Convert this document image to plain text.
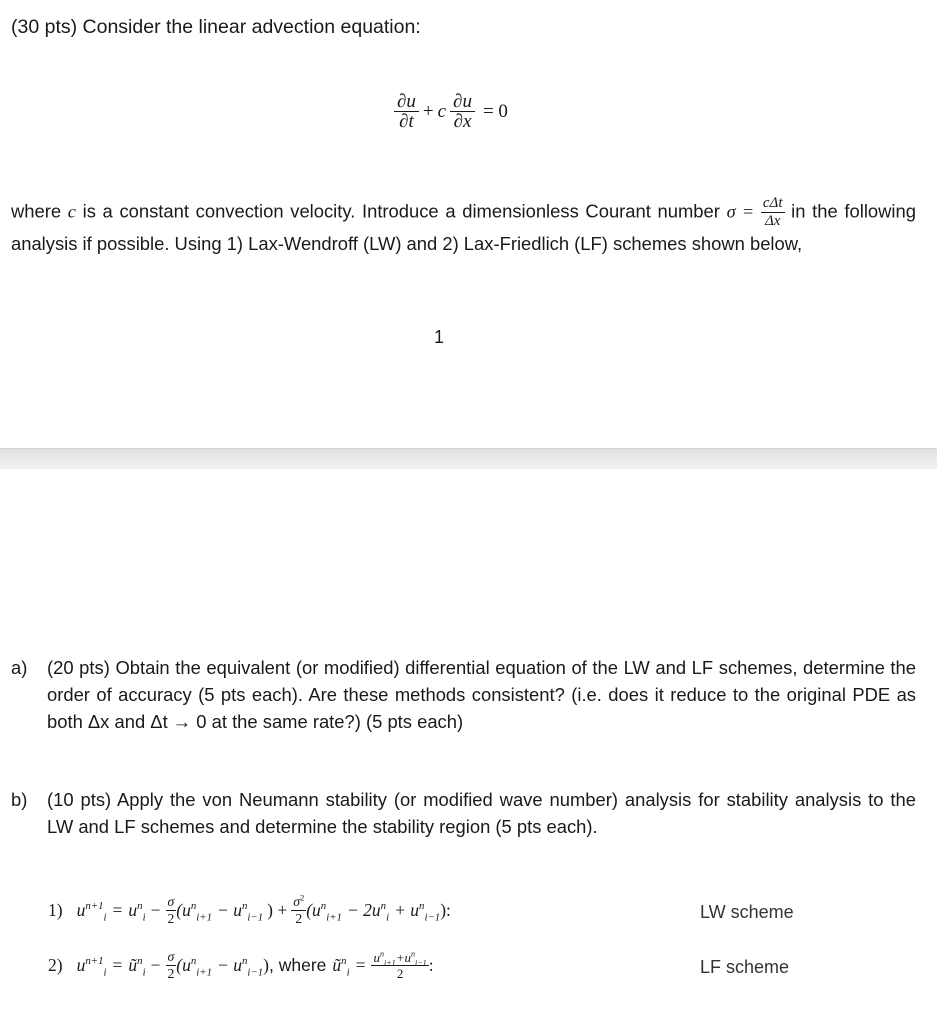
(30 pts) Consider the linear advection equation:
$\frac{\partial u}{\partial t} + c \frac{\partial u}{\partial x} = 0$
where c is a constant convection velocity. Introduce a dimensionless Courant number $\sigma = \frac{\text{cΔt}}{\Delta x}$ in the following analysis if possible. Using 1) Lax-Wendroff (LW) and 2) Lax-Friedlich (LF) schemes shown below,
1
a) (20 pts) Obtain the equivalent (or modified) differential equation of the LW and LF schemes, determine the order of accuracy (5 pts each). Are these methods consistent? (i.e. does it reduce to the original PDE as both Δx and Δt → 0 at the same rate?) (5 pts each)
b) (10 pts) Apply the von Neumann stability (or modified wave number) analysis for stability analysis to the LW and LF schemes and determine the stability region (5 pts each).
1) $u^{n+1}_i = u^n_i - \frac{\sigma}{2} (u^n_{i+1} - u^n_{i-1}$ ) + $\frac{\sigma^2}{2} (u^n_{i+1} - 2u^n_i + u^n_{i-1}$ ):	LW scheme
2) $u^{n+1}_i$ = $ũ^n_i - \frac{\sigma}{2} (u^n_{i+1} - u^n_{i-1}$ ) , where $ũ^n_i = \frac{u^n_{i+1}+u^n_{i-1}}{2}$ :	LF scheme
